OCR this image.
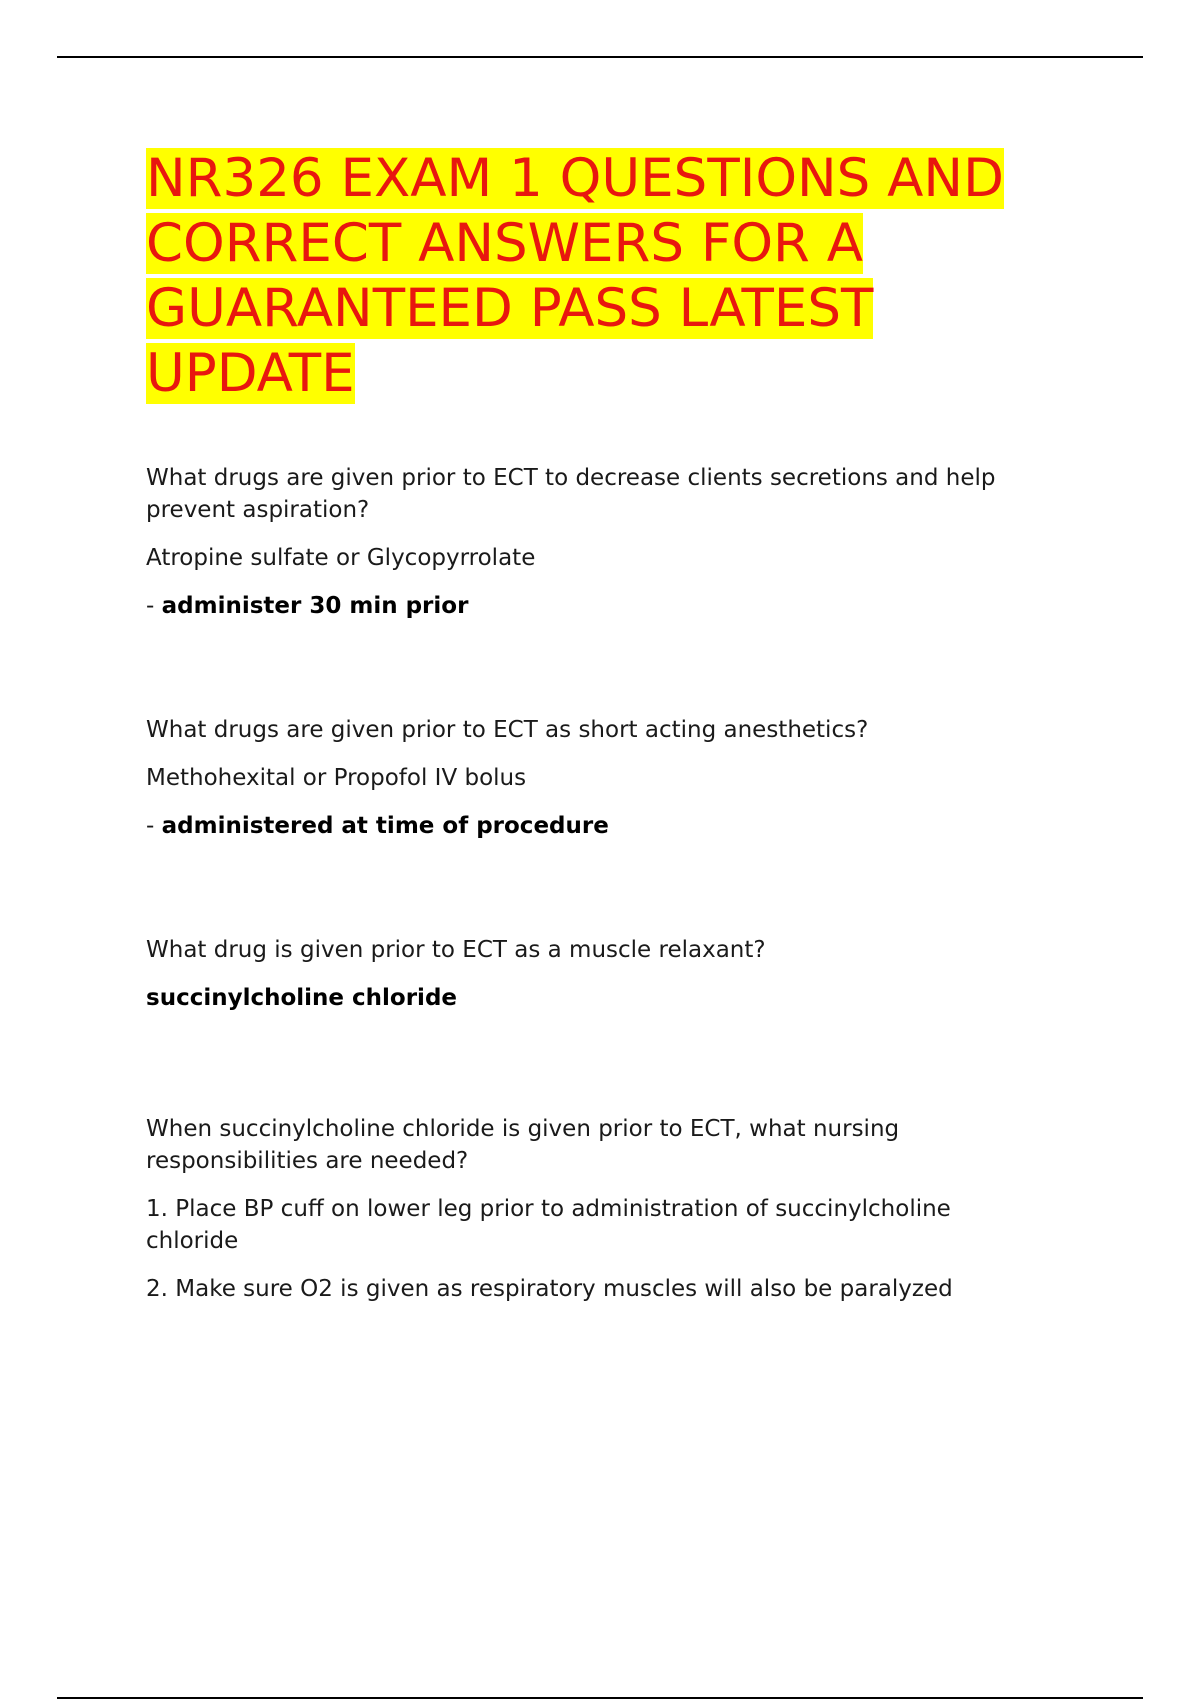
NR326 EXAM 1 QUESTIONS AND CORRECT ANSWERS FOR A GUARANTEED PASS LATEST UPDATE

What drugs are given prior to ECT to decrease clients secretions and help prevent aspiration?

Atropine sulfate or Glycopyrrolate

- administer 30 min prior

What drugs are given prior to ECT as short acting anesthetics?

Methohexital or Propofol IV bolus

- administered at time of procedure

What drug is given prior to ECT as a muscle relaxant?

succinylcholine chloride

When succinylcholine chloride is given prior to ECT, what nursing responsibilities are needed?

1. Place BP cuff on lower leg prior to administration of succinylcholine chloride

2. Make sure O2 is given as respiratory muscles will also be paralyzed
